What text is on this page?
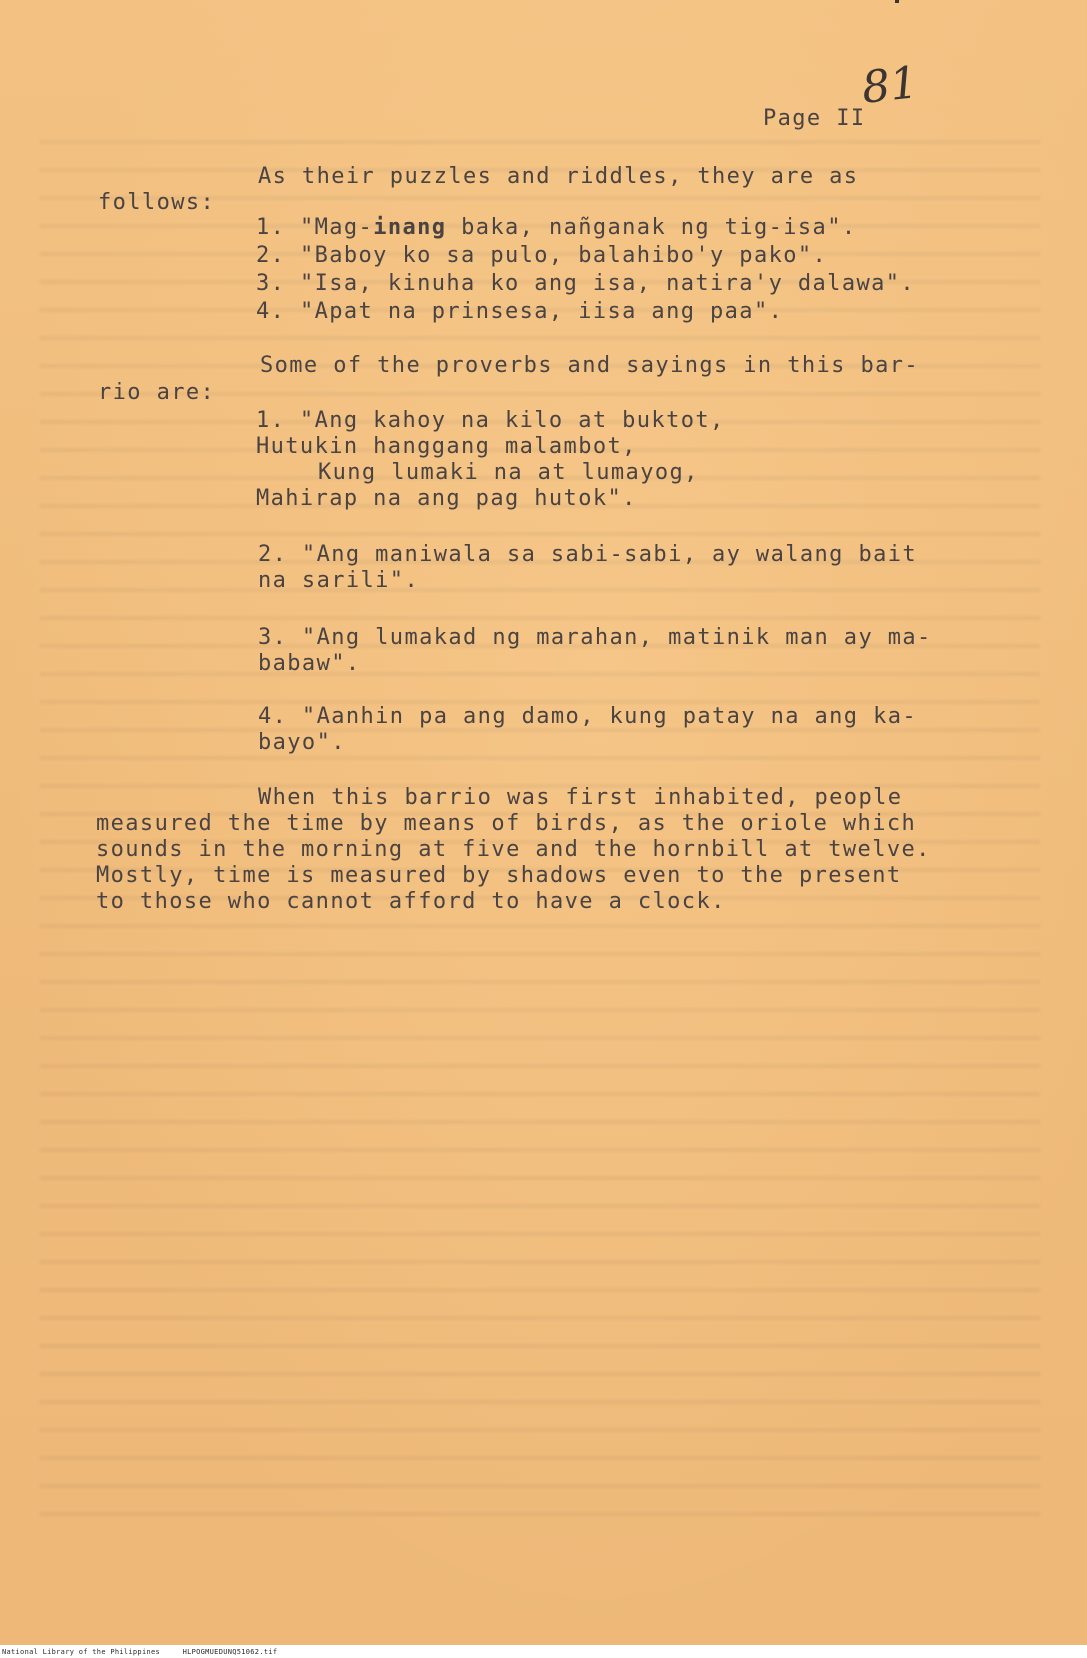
81
Page II
As their puzzles and riddles, they are as
follows:
1. "Mag-inang baka, nañganak ng tig-isa".
2. "Baboy ko sa pulo, balahibo'y pako".
3. "Isa, kinuha ko ang isa, natira'y dalawa".
4. "Apat na prinsesa, iisa ang paa".
Some of the proverbs and sayings in this bar-
rio are:
1. "Ang kahoy na kilo at buktot,
Hutukin hanggang malambot,
Kung lumaki na at lumayog,
Mahirap na ang pag hutok".
2. "Ang maniwala sa sabi-sabi, ay walang bait
na sarili".
3. "Ang lumakad ng marahan, matinik man ay ma-
babaw".
4. "Aanhin pa ang damo, kung patay na ang ka-
bayo".
When this barrio was first inhabited, people
measured the time by means of birds, as the oriole which
sounds in the morning at five and the hornbill at twelve.
Mostly, time is measured by shadows even to the present
to those who cannot afford to have a clock.
National Library of the Philippines     HLPOGMUEDUNQ51062.tif
